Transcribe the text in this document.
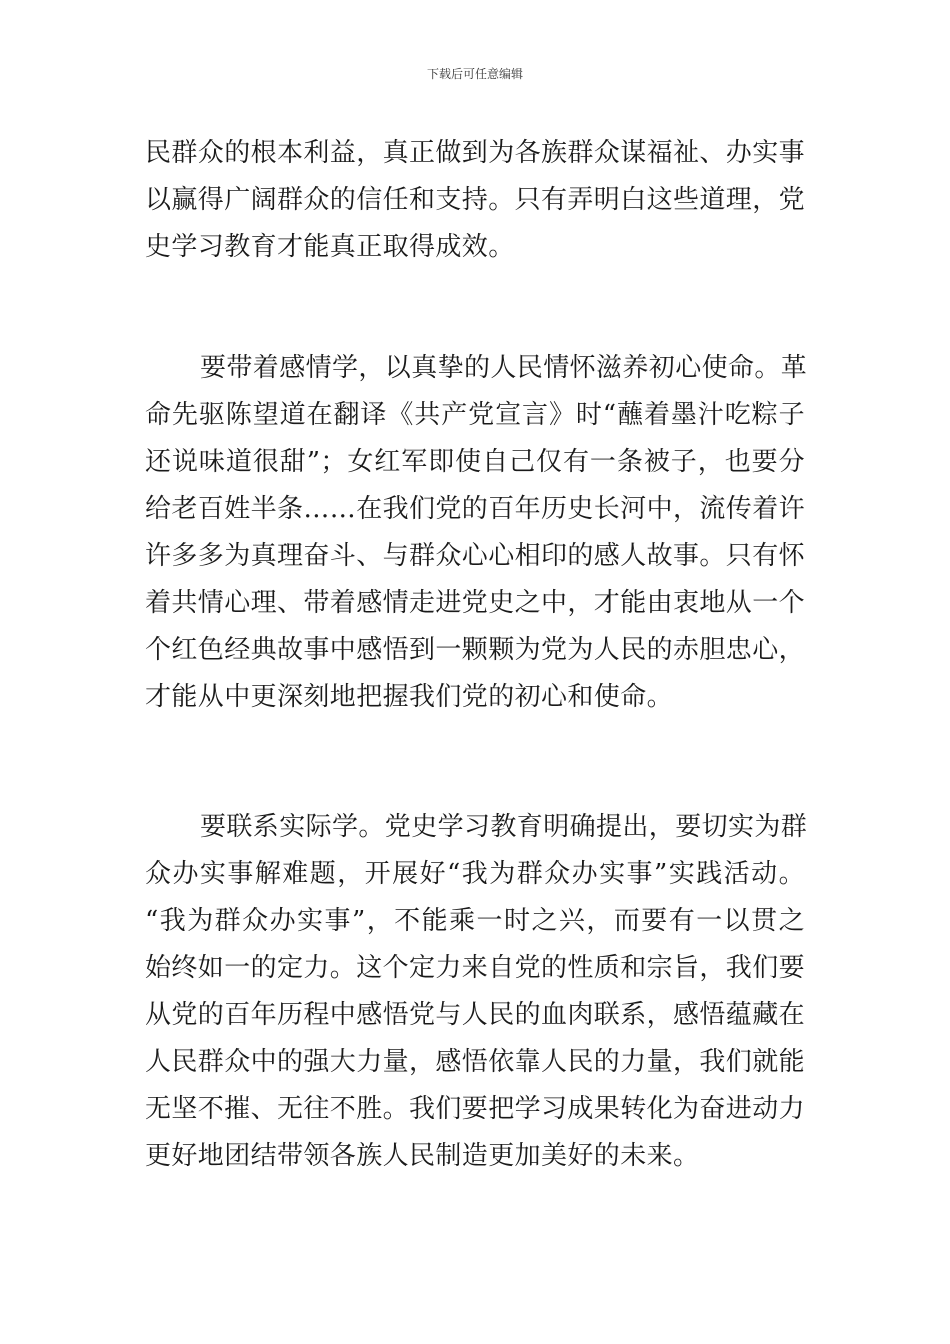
下载后可任意编辑
民群众的根本利益，真正做到为各族群众谋福祉、办实事
以赢得广阔群众的信任和支持。只有弄明白这些道理，党
史学习教育才能真正取得成效。
要带着感情学，以真挚的人民情怀滋养初心使命。革
命先驱陈望道在翻译《共产党宣言》时“蘸着墨汁吃粽子
还说味道很甜”；女红军即使自己仅有一条被子，也要分
给老百姓半条……在我们党的百年历史长河中，流传着许
许多多为真理奋斗、与群众心心相印的感人故事。只有怀
着共情心理、带着感情走进党史之中，才能由衷地从一个
个红色经典故事中感悟到一颗颗为党为人民的赤胆忠心，
才能从中更深刻地把握我们党的初心和使命。
要联系实际学。党史学习教育明确提出，要切实为群
众办实事解难题，开展好“我为群众办实事”实践活动。
“我为群众办实事”，不能乘一时之兴，而要有一以贯之
始终如一的定力。这个定力来自党的性质和宗旨，我们要
从党的百年历程中感悟党与人民的血肉联系，感悟蕴藏在
人民群众中的强大力量，感悟依靠人民的力量，我们就能
无坚不摧、无往不胜。我们要把学习成果转化为奋进动力
更好地团结带领各族人民制造更加美好的未来。
